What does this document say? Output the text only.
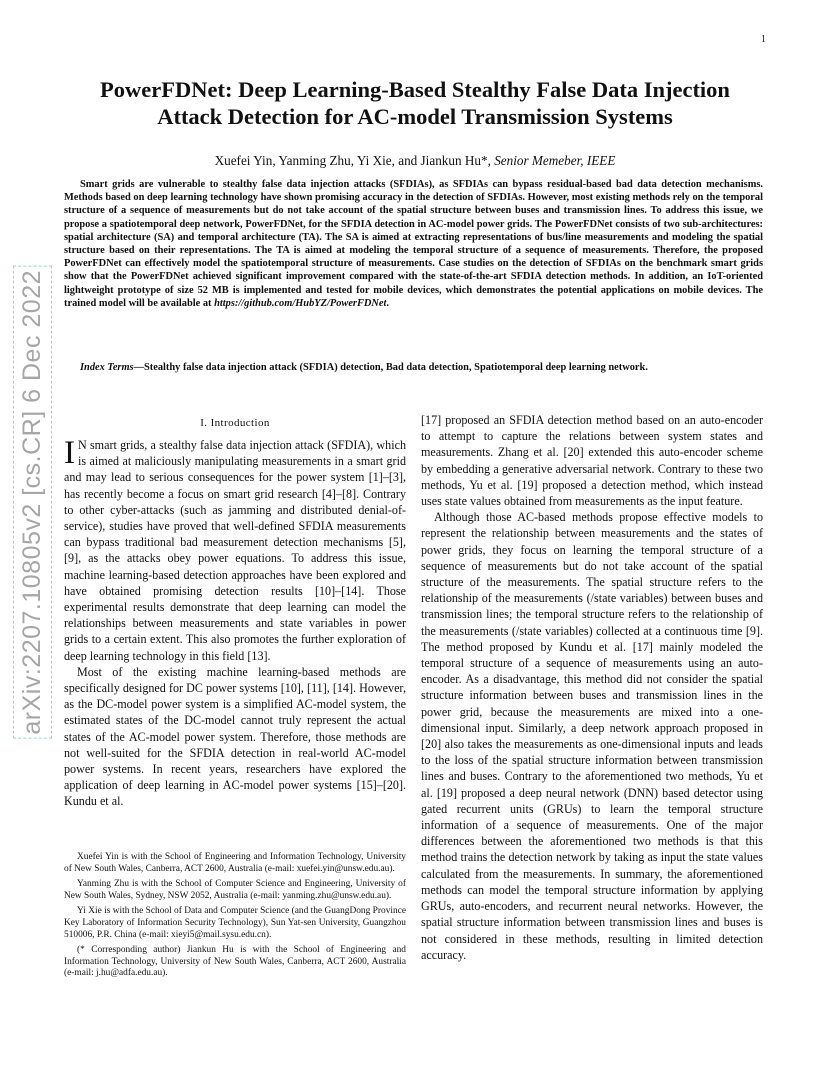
1
arXiv:2207.10805v2 [cs.CR] 6 Dec 2022
PowerFDNet: Deep Learning-Based Stealthy False Data Injection
Attack Detection for AC-model Transmission Systems
Xuefei Yin, Yanming Zhu, Yi Xie, and Jiankun Hu*, Senior Memeber, IEEE

Smart grids are vulnerable to stealthy false data injection attacks (SFDIAs), as SFDIAs can bypass residual-based bad data detection mechanisms. Methods based on deep learning technology have shown promising accuracy in the detection of SFDIAs. However, most existing methods rely on the temporal structure of a sequence of measurements but do not take account of the spatial structure between buses and transmission lines. To address this issue, we propose a spatiotemporal deep network, PowerFDNet, for the SFDIA detection in AC-model power grids. The PowerFDNet consists of two sub-architectures: spatial architecture (SA) and temporal architecture (TA). The SA is aimed at extracting representations of bus/line measurements and modeling the spatial structure based on their representations. The TA is aimed at modeling the temporal structure of a sequence of measurements. Therefore, the proposed PowerFDNet can effectively model the spatiotemporal structure of measurements. Case studies on the detection of SFDIAs on the benchmark smart grids show that the PowerFDNet achieved significant improvement compared with the state-of-the-art SFDIA detection methods. In addition, an IoT-oriented lightweight prototype of size 52 MB is implemented and tested for mobile devices, which demonstrates the potential applications on mobile devices. The trained model will be available at https://github.com/HubYZ/PowerFDNet.

Index Terms—Stealthy false data injection attack (SFDIA) detection, Bad data detection, Spatiotemporal deep learning network.

I. Introduction

I N smart grids, a stealthy false data injection attack (SFDIA), which is aimed at maliciously manipulating measurements in a smart grid and may lead to serious consequences for the power system [1]–[3], has recently become a focus on smart grid research [4]–[8]. Contrary to other cyber-attacks (such as jamming and distributed denial-of-service), studies have proved that well-defined SFDIA measurements can bypass traditional bad measurement detection mechanisms [5], [9], as the attacks obey power equations. To address this issue, machine learning-based detection approaches have been explored and have obtained promising detection results [10]–[14]. Those experimental results demonstrate that deep learning can model the relationships between measurements and state variables in power grids to a certain extent. This also promotes the further exploration of deep learning technology in this field [13].

Most of the existing machine learning-based methods are specifically designed for DC power systems [10], [11], [14]. However, as the DC-model power system is a simplified AC-model system, the estimated states of the DC-model cannot truly represent the actual states of the AC-model power system. Therefore, those methods are not well-suited for the SFDIA detection in real-world AC-model power systems. In recent years, researchers have explored the application of deep learning in AC-model power systems [15]–[20]. Kundu et al.

Xuefei Yin is with the School of Engineering and Information Technology, University of New South Wales, Canberra, ACT 2600, Australia (e-mail: xuefei.yin@unsw.edu.au).

Yanming Zhu is with the School of Computer Science and Engineering, University of New South Wales, Sydney, NSW 2052, Australia (e-mail: yanming.zhu@unsw.edu.au).

Yi Xie is with the School of Data and Computer Science (and the GuangDong Province Key Laboratory of Information Security Technology), Sun Yat-sen University, Guangzhou 510006, P.R. China (e-mail: xieyi5@mail.sysu.edu.cn).

(* Corresponding author) Jiankun Hu is with the School of Engineering and Information Technology, University of New South Wales, Canberra, ACT 2600, Australia (e-mail: j.hu@adfa.edu.au).

[17] proposed an SFDIA detection method based on an auto-encoder to attempt to capture the relations between system states and measurements. Zhang et al. [20] extended this auto-encoder scheme by embedding a generative adversarial network. Contrary to these two methods, Yu et al. [19] proposed a detection method, which instead uses state values obtained from measurements as the input feature.

Although those AC-based methods propose effective models to represent the relationship between measurements and the states of power grids, they focus on learning the temporal structure of a sequence of measurements but do not take account of the spatial structure of the measurements. The spatial structure refers to the relationship of the measurements (/state variables) between buses and transmission lines; the temporal structure refers to the relationship of the measurements (/state variables) collected at a continuous time [9]. The method proposed by Kundu et al. [17] mainly modeled the temporal structure of a sequence of measurements using an auto-encoder. As a disadvantage, this method did not consider the spatial structure information between buses and transmission lines in the power grid, because the measurements are mixed into a one-dimensional input. Similarly, a deep network approach proposed in [20] also takes the measurements as one-dimensional inputs and leads to the loss of the spatial structure information between transmission lines and buses. Contrary to the aforementioned two methods, Yu et al. [19] proposed a deep neural network (DNN) based detector using gated recurrent units (GRUs) to learn the temporal structure information of a sequence of measurements. One of the major differences between the aforementioned two methods is that this method trains the detection network by taking as input the state values calculated from the measurements. In summary, the aforementioned methods can model the temporal structure information by applying GRUs, auto-encoders, and recurrent neural networks. However, the spatial structure information between transmission lines and buses is not considered in these methods, resulting in limited detection accuracy.
